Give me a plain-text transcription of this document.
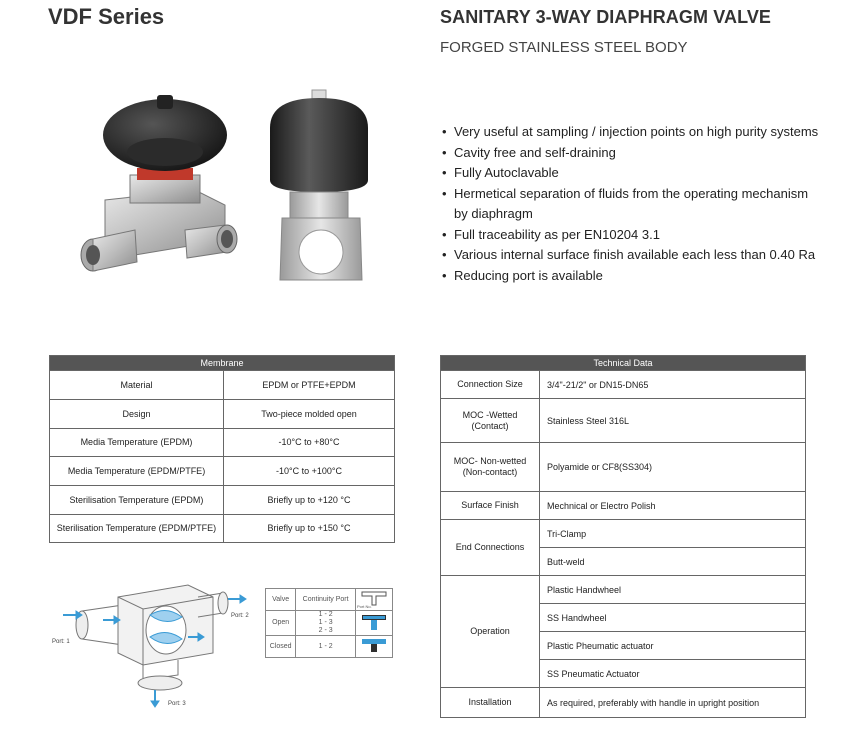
VDF Series	SANITARY 3-WAY DIAPHRAGM VALVE
FORGED STAINLESS STEEL BODY
• Very useful at sampling / injection points on high purity systems
• Cavity free and self-draining
• Fully Autoclavable
• Hermetical separation of fluids from the operating mechanism by diaphragm
• Full traceability as per EN10204 3.1
• Various internal surface finish available each less than 0.40 Ra
• Reducing port is available
Membrane	
Material	EPDM or PTFE+EPDM
Design	Two-piece molded open
Media Temperature (EPDM)	-10°C to +80°C
Media Temperature (EPDM/PTFE)	-10°C to +100°C
Sterilisation Temperature (EPDM)	Briefly up to +120 °C
Sterilisation Temperature (EPDM/PTFE)	Briefly up to +150 °C
Technical Data	
Connection Size	3/4"-21/2" or DN15-DN65
MOC -Wetted (Contact)	Stainless Steel 316L
MOC- Non-wetted (Non-contact)	Polyamide or CF8(SS304)
Surface Finish	Mechnical or Electro Polish
End Connections	Tri-Clamp
	Butt-weld
Operation	Plastic Handwheel
	SS Handwheel
	Plastic Pheumatic actuator
	SS Pneumatic Actuator
Installation	As required, preferably with handle in upright position
Port: 1
Port: 2
Port: 3
Valve	Continuity Port	Port No.

Open	1 - 2
1 - 3
2 - 3

Closed	1 - 2	
